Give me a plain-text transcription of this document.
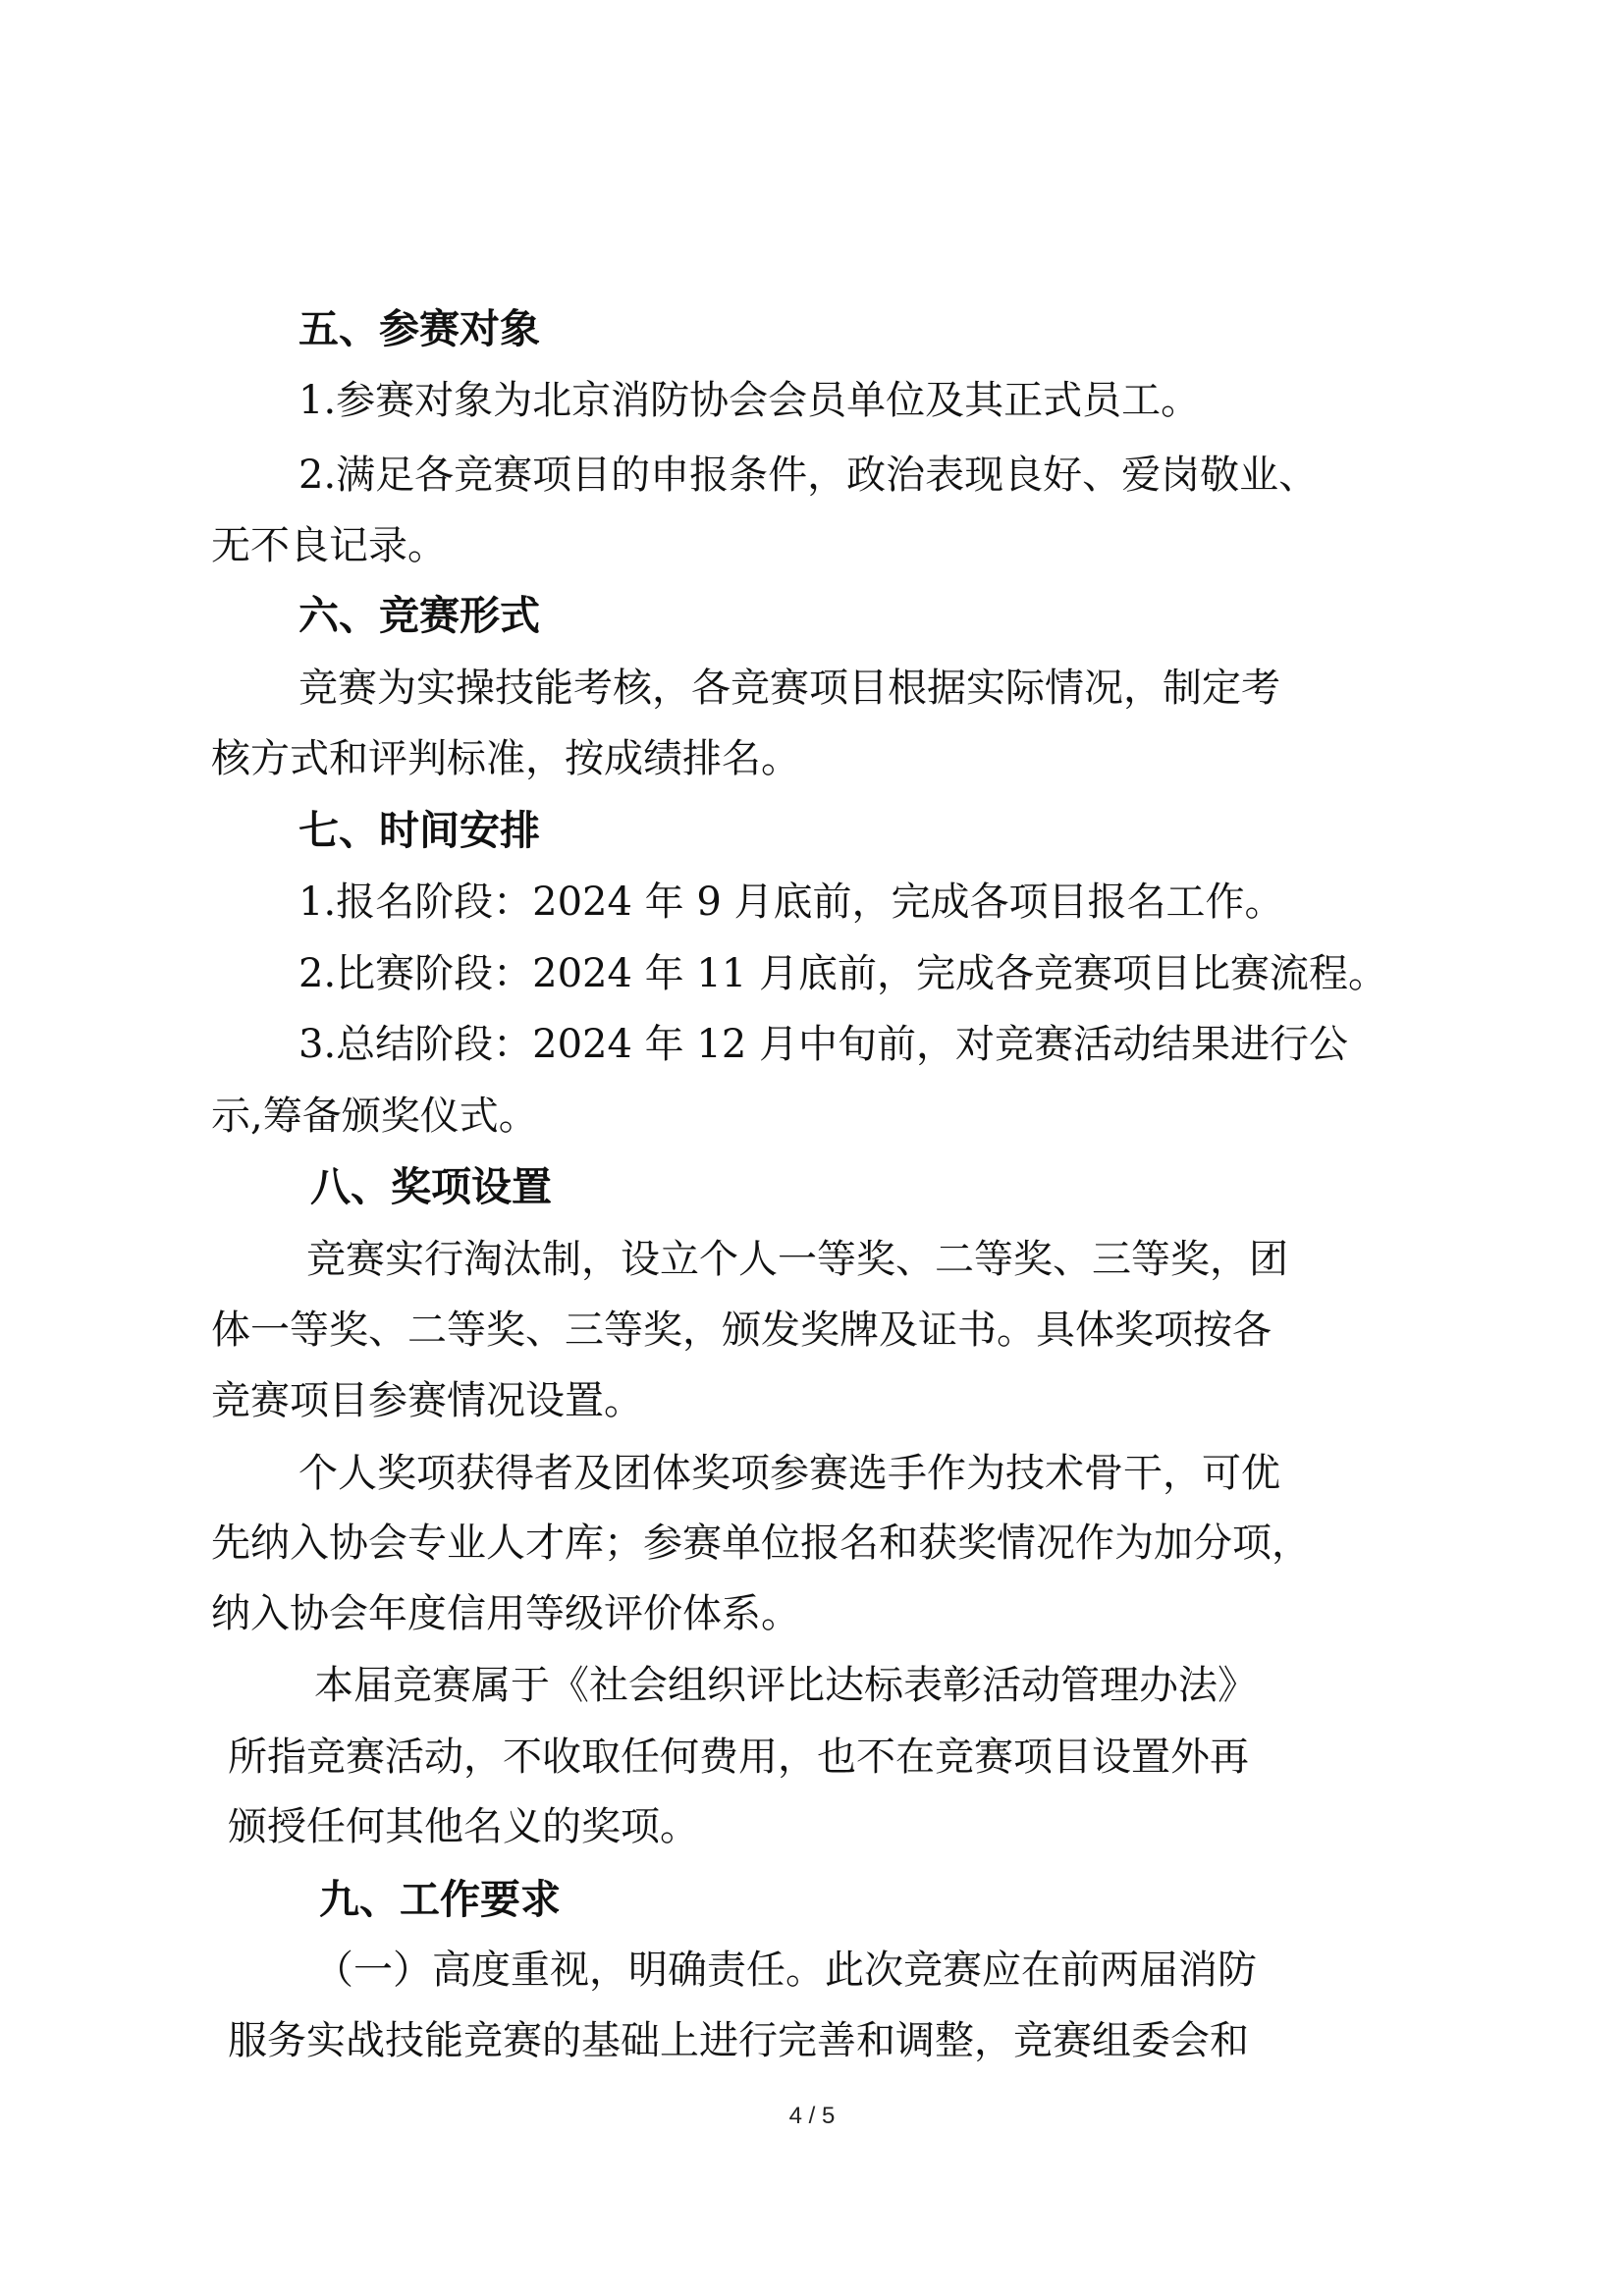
五、参赛对象
1.参赛对象为北京消防协会会员单位及其正式员工。
2.满足各竞赛项目的申报条件，政治表现良好、爱岗敬业、
无不良记录。
六、竞赛形式
竞赛为实操技能考核，各竞赛项目根据实际情况，制定考
核方式和评判标准，按成绩排名。
七、时间安排
1.报名阶段：2024 年 9 月底前，完成各项目报名工作。
2.比赛阶段：2024 年 11 月底前，完成各竞赛项目比赛流程。
3.总结阶段：2024 年 12 月中旬前，对竞赛活动结果进行公
示,筹备颁奖仪式。
八、奖项设置
竞赛实行淘汰制，设立个人一等奖、二等奖、三等奖，团
体一等奖、二等奖、三等奖，颁发奖牌及证书。具体奖项按各
竞赛项目参赛情况设置。
个人奖项获得者及团体奖项参赛选手作为技术骨干，可优
先纳入协会专业人才库；参赛单位报名和获奖情况作为加分项，
纳入协会年度信用等级评价体系。
本届竞赛属于《社会组织评比达标表彰活动管理办法》
所指竞赛活动，不收取任何费用，也不在竞赛项目设置外再
颁授任何其他名义的奖项。
九、工作要求
（一）高度重视，明确责任。此次竞赛应在前两届消防
服务实战技能竞赛的基础上进行完善和调整，竞赛组委会和
4 / 5
